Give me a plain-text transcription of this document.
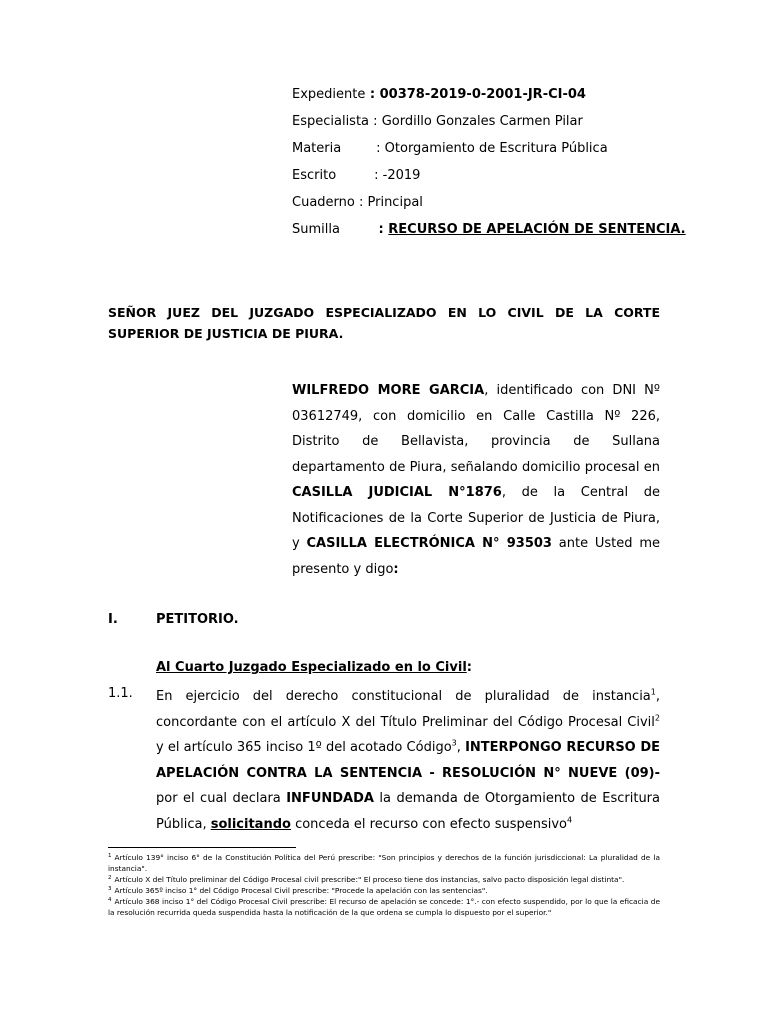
Expediente : 00378-2019-0-2001-JR-CI-04
Especialista : Gordillo Gonzales Carmen Pilar
Materia : Otorgamiento de Escritura Pública
Escrito	: -2019
Cuaderno : Principal
Sumilla	: RECURSO DE APELACIÓN DE SENTENCIA.
SEÑOR JUEZ DEL JUZGADO ESPECIALIZADO EN LO CIVIL DE LA CORTE SUPERIOR DE JUSTICIA DE PIURA.
WILFREDO MORE GARCIA, identificado con DNI Nº 03612749, con domicilio en Calle Castilla Nº 226, Distrito de Bellavista, provincia de Sullana departamento de Piura, señalando domicilio procesal en CASILLA JUDICIAL N°1876, de la Central de Notificaciones de la Corte Superior de Justicia de Piura, y CASILLA ELECTRÓNICA N° 93503 ante Usted me presento y digo:
I.	PETITORIO.
Al Cuarto Juzgado Especializado en lo Civil:
1.1. En ejercicio del derecho constitucional de pluralidad de instancia$^1$, concordante con el artículo X del Título Preliminar del Código Procesal Civil$^2$ y el artículo 365 inciso 1º del acotado Código$^3$, INTERPONGO RECURSO DE APELACIÓN CONTRA LA SENTENCIA - RESOLUCIÓN N° NUEVE (09)- por el cual declara INFUNDADA la demanda de Otorgamiento de Escritura Pública, solicitando conceda el recurso con efecto suspensivo$^4$

$^1$ Artículo 139° inciso 6° de la Constitución Política del Perú prescribe: "Son principios y derechos de la función jurisdiccional: La pluralidad de la instancia".

$^2$ Artículo X del Título preliminar del Código Procesal civil prescribe:" El proceso tiene dos instancias, salvo pacto disposición legal distinta".

$^3$ Artículo 365º inciso 1° del Código Procesal Civil prescribe: "Procede la apelación con las sentencias".

$^4$ Artículo 368 inciso 1° del Código Procesal Civil prescribe: El recurso de apelación se concede: 1°.- con efecto suspendido, por lo que la eficacia de la resolución recurrida queda suspendida hasta la notificación de la que ordena se cumpla lo dispuesto por el superior."
